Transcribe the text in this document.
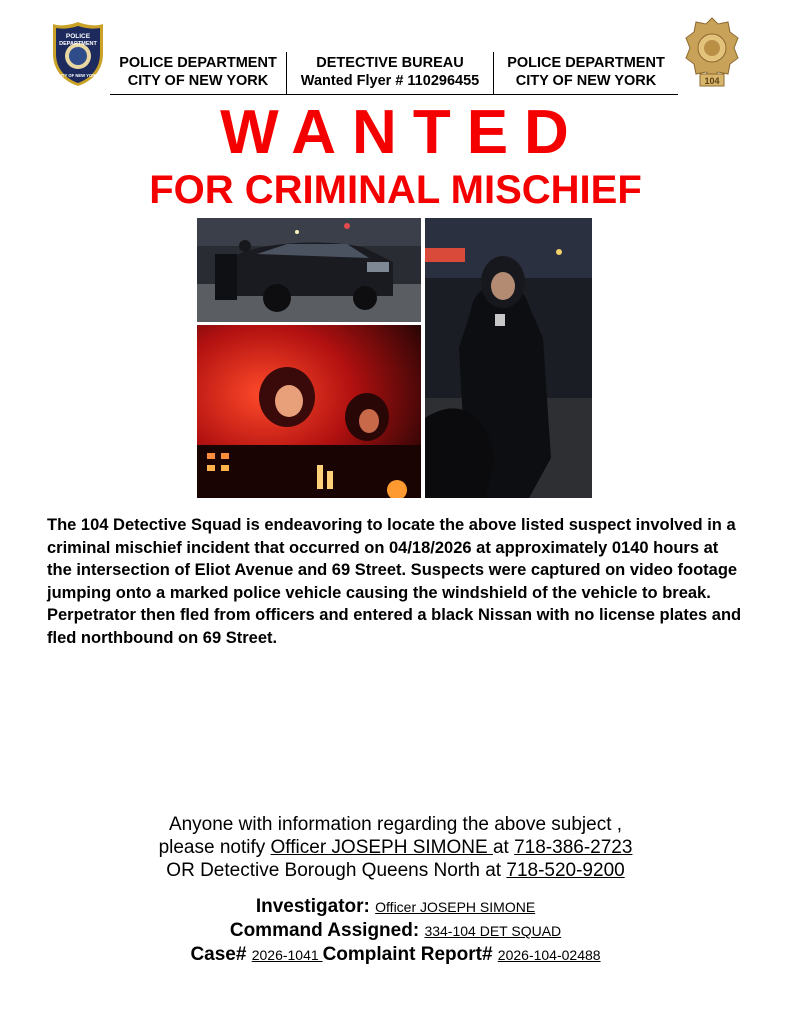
POLICE
DEPARTMENT
CITY OF NEW YORK
104
POLICE DEPARTMENT
CITY OF NEW YORK
DETECTIVE BUREAU
Wanted Flyer # 110296455
POLICE DEPARTMENT
CITY OF NEW YORK
WANTED
FOR CRIMINAL MISCHIEF
The 104 Detective Squad is endeavoring to locate the above listed suspect involved in a criminal mischief incident that occurred on 04/18/2026 at approximately 0140 hours at the intersection of Eliot Avenue and 69 Street. Suspects were captured on video footage jumping onto a marked police vehicle causing the windshield of the vehicle to break. Perpetrator then fled from officers and entered a black Nissan with no license plates and fled northbound on 69 Street.
Anyone with information regarding the above subject ,
please notify Officer JOSEPH SIMONE at 718-386-2723
OR Detective Borough Queens North at 718-520-9200
Investigator: Officer JOSEPH SIMONE
Command Assigned: 334-104 DET SQUAD
Case# 2026-1041 Complaint Report# 2026-104-02488
